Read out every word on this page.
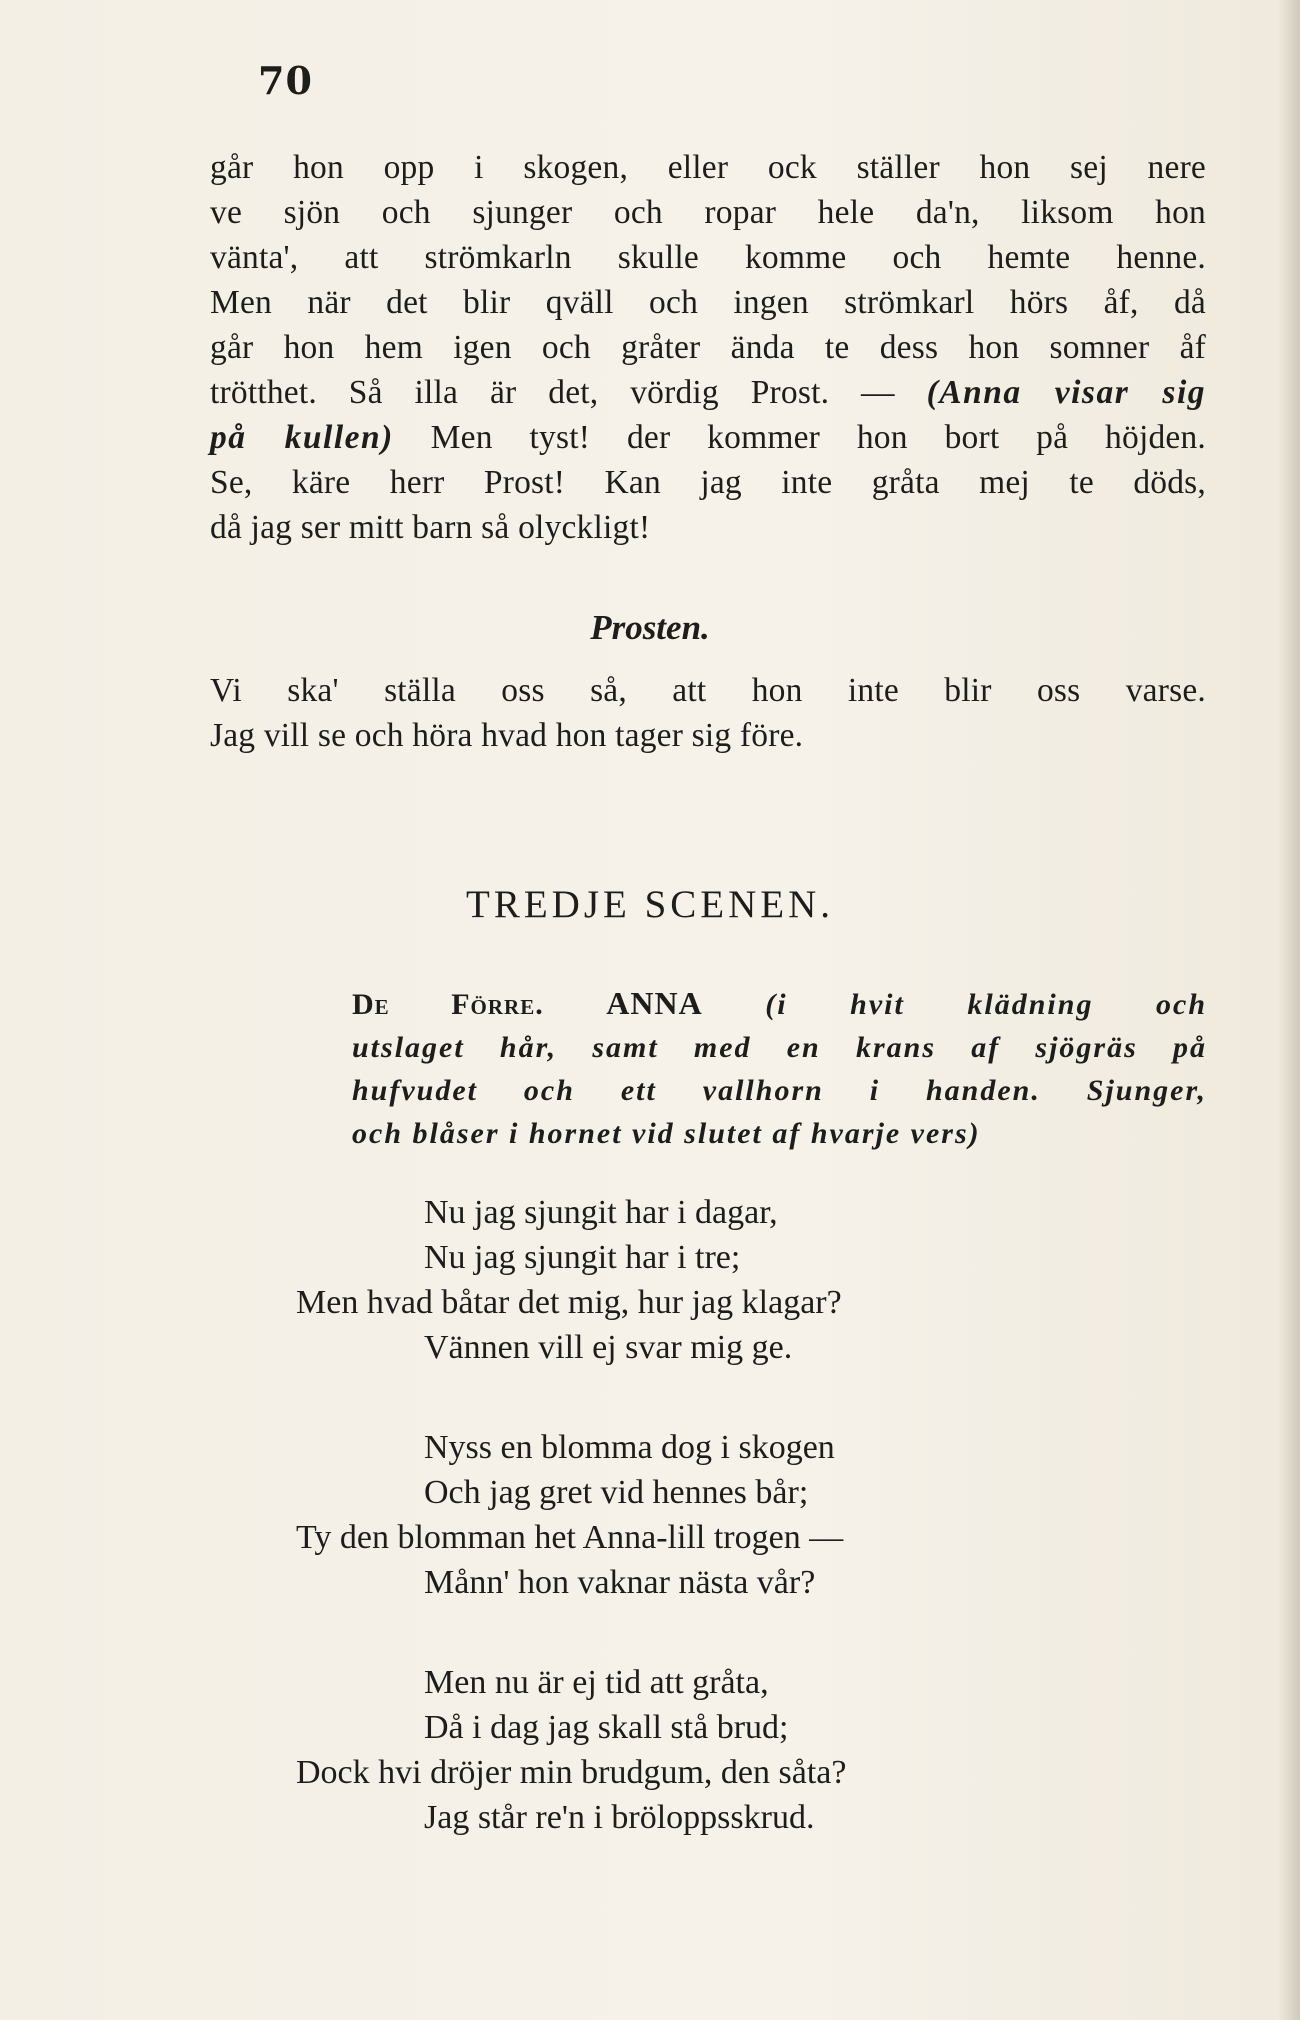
70
går hon opp i skogen, eller ock ställer hon sej nere
ve sjön och sjunger och ropar hele da'n, liksom hon
vänta', att strömkarln skulle komme och hemte henne.
Men när det blir qväll och ingen strömkarl hörs åf, då
går hon hem igen och gråter ända te dess hon somner åf
trötthet. Så illa är det, vördig Prost. — (Anna visar sig
på kullen) Men tyst! der kommer hon bort på höjden.
Se, käre herr Prost! Kan jag inte gråta mej te döds,
då jag ser mitt barn så olyckligt!
Prosten.
Vi ska' ställa oss så, att hon inte blir oss varse.
Jag vill se och höra hvad hon tager sig före.
TREDJE SCENEN.
De Förre. ANNA (i hvit klädning och
utslaget hår, samt med en krans af sjögräs på
hufvudet och ett vallhorn i handen. Sjunger,
och blåser i hornet vid slutet af hvarje vers)
Nu jag sjungit har i dagar,
Nu jag sjungit har i tre;
Men hvad båtar det mig, hur jag klagar?
Vännen vill ej svar mig ge.
Nyss en blomma dog i skogen
Och jag gret vid hennes bår;
Ty den blomman het Anna-lill trogen —
Månn' hon vaknar nästa vår?
Men nu är ej tid att gråta,
Då i dag jag skall stå brud;
Dock hvi dröjer min brudgum, den såta?
Jag står re'n i bröloppsskrud.
